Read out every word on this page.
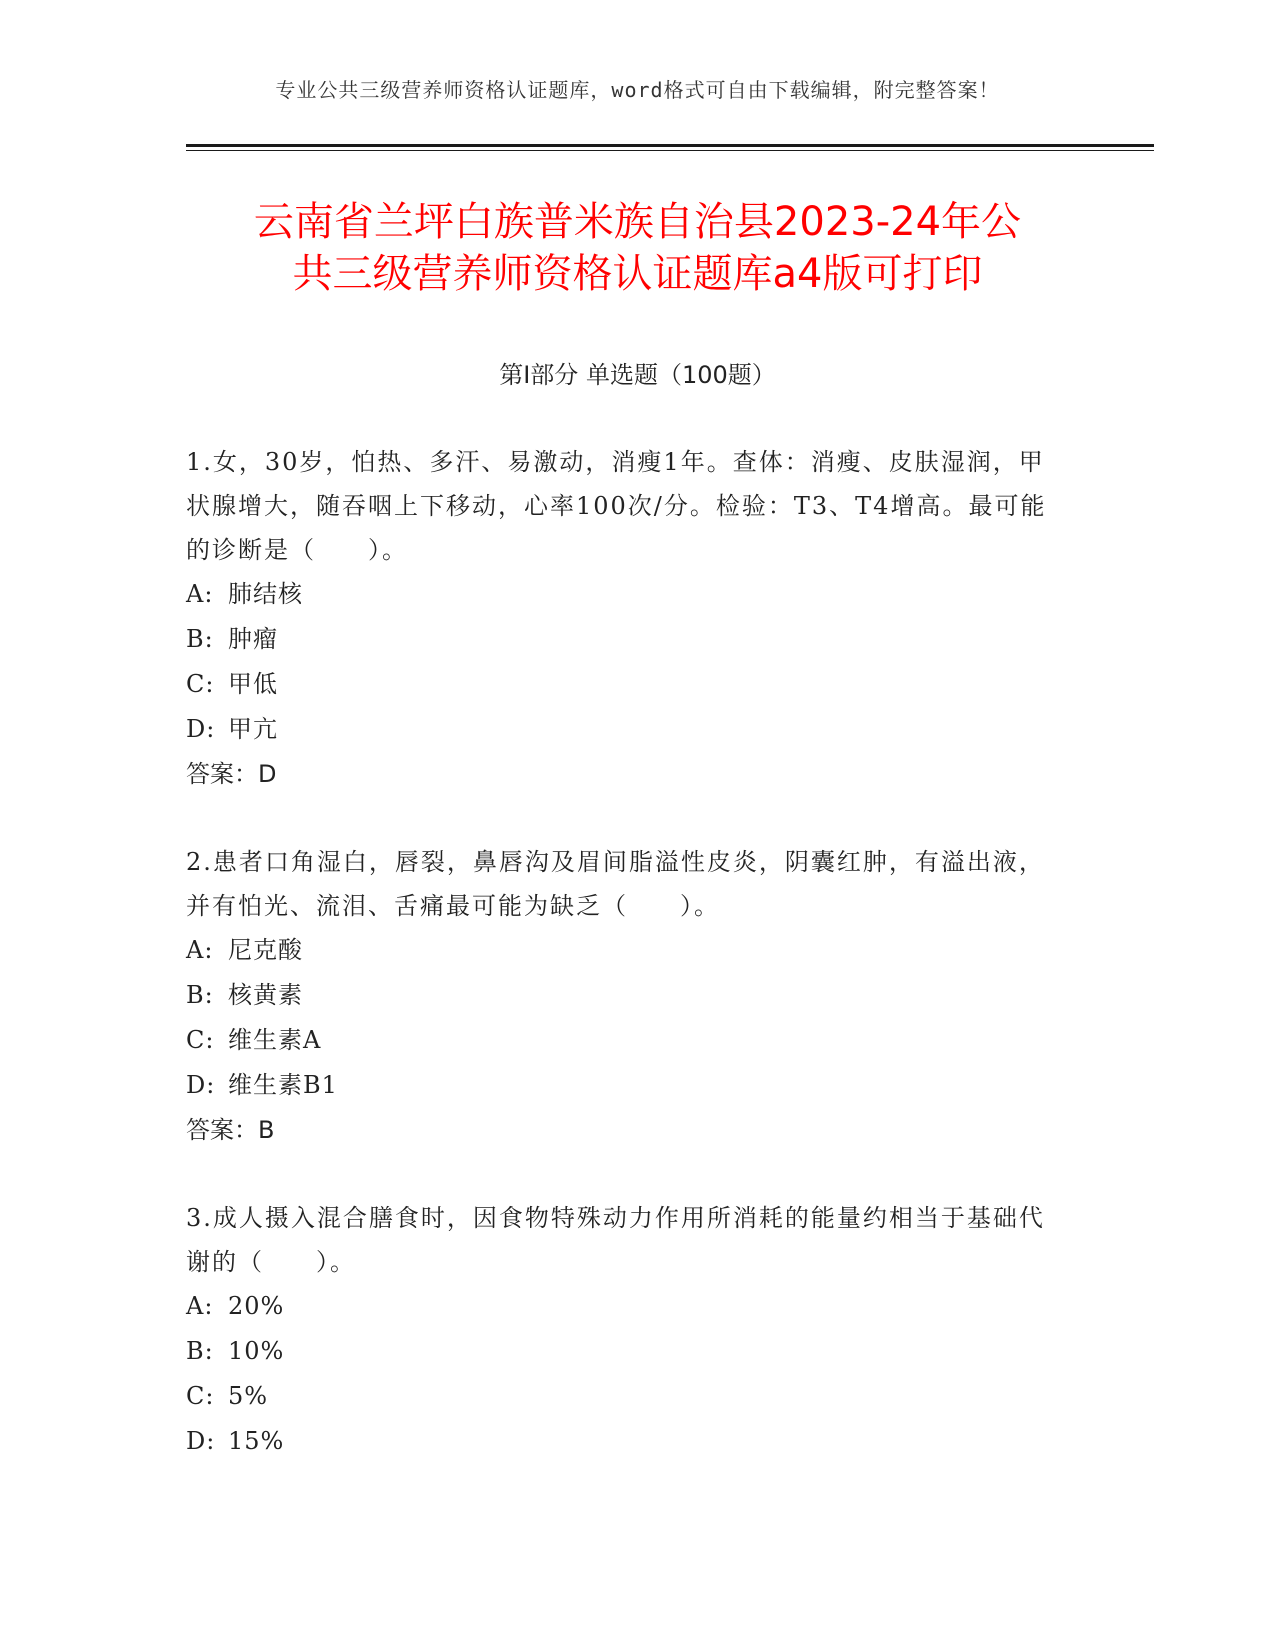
专业公共三级营养师资格认证题库，word格式可自由下载编辑，附完整答案！
云南省兰坪白族普米族自治县2023-24年公
共三级营养师资格认证题库a4版可打印
第Ⅰ部分 单选题（100题）

1.女，30岁，怕热、多汗、易激动，消瘦1年。查体：消瘦、皮肤湿润，甲状腺增大，随吞咽上下移动，心率100次/分。检验：T3、T4增高。最可能的诊断是（　　）。

A: 肺结核

B: 肿瘤

C: 甲低

D: 甲亢

答案：D

2.患者口角湿白，唇裂，鼻唇沟及眉间脂溢性皮炎，阴囊红肿，有溢出液，并有怕光、流泪、舌痛最可能为缺乏（　　）。

A: 尼克酸

B: 核黄素

C: 维生素A

D: 维生素B1

答案：B

3.成人摄入混合膳食时，因食物特殊动力作用所消耗的能量约相当于基础代谢的（　　）。

A: 20%

B: 10%

C: 5%

D: 15%
